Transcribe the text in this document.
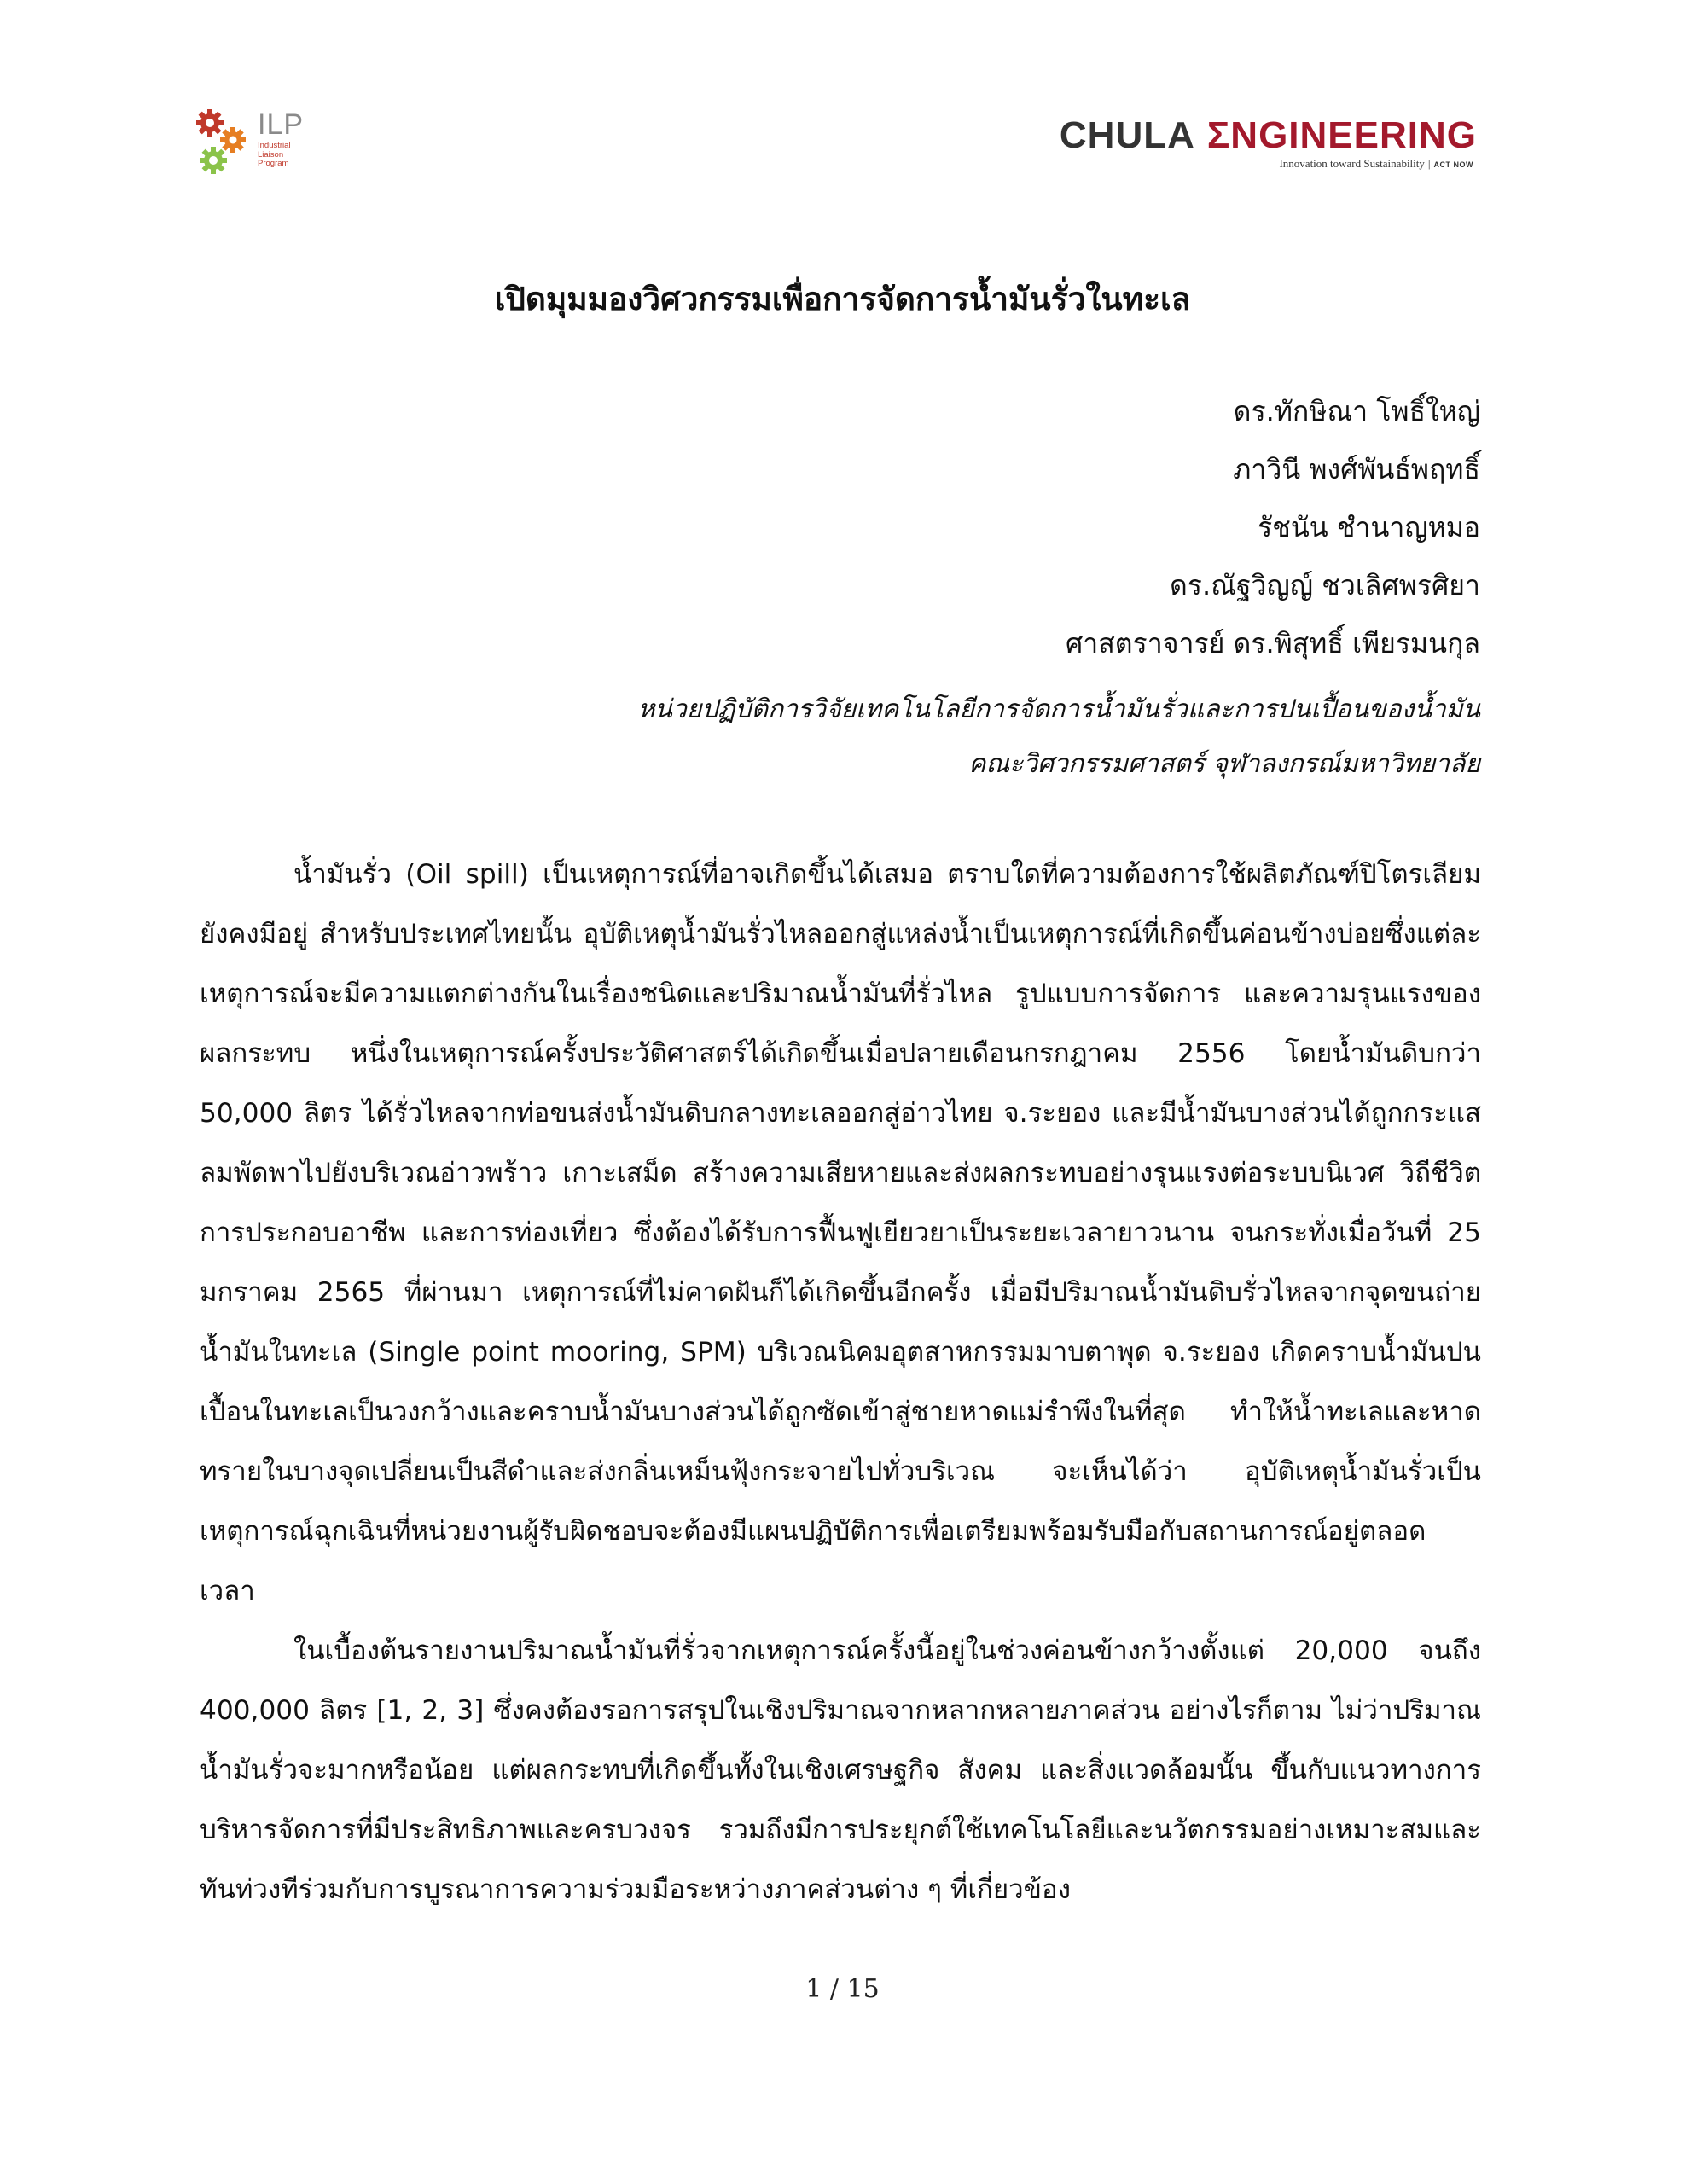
ILP
Industrial
Liaison
Program
CHULA ΣNGINEERING
Innovation toward Sustainability | ACT NOW
เปิดมุมมองวิศวกรรมเพื่อการจัดการน้ำมันรั่วในทะเล
ดร.ทักษิณา โพธิ์ใหญ่
ภาวินี พงศ์พันธ์พฤทธิ์
รัชนัน ชำนาญหมอ
ดร.ณัฐวิญญ์ ชวเลิศพรศิยา
ศาสตราจารย์ ดร.พิสุทธิ์ เพียรมนกุล
หน่วยปฏิบัติการวิจัยเทคโนโลยีการจัดการน้ำมันรั่วและการปนเปื้อนของน้ำมัน
คณะวิศวกรรมศาสตร์ จุฬาลงกรณ์มหาวิทยาลัย

น้ำมันรั่ว (Oil spill) เป็นเหตุการณ์ที่อาจเกิดขึ้นได้เสมอ ตราบใดที่ความต้องการใช้ผลิตภัณฑ์ปิโตรเลียมยังคงมีอยู่ สำหรับประเทศไทยนั้น อุบัติเหตุน้ำมันรั่วไหลออกสู่แหล่งน้ำเป็นเหตุการณ์ที่เกิดขึ้นค่อนข้างบ่อยซึ่งแต่ละเหตุการณ์จะมีความแตกต่างกันในเรื่องชนิดและปริมาณน้ำมันที่รั่วไหล รูปแบบการจัดการ และความรุนแรงของผลกระทบ หนึ่งในเหตุการณ์ครั้งประวัติศาสตร์ได้เกิดขึ้นเมื่อปลายเดือนกรกฎาคม 2556 โดยน้ำมันดิบกว่า 50,000 ลิตร ได้รั่วไหลจากท่อขนส่งน้ำมันดิบกลางทะเลออกสู่อ่าวไทย จ.ระยอง และมีน้ำมันบางส่วนได้ถูกกระแสลมพัดพาไปยังบริเวณอ่าวพร้าว เกาะเสม็ด สร้างความเสียหายและส่งผลกระทบอย่างรุนแรงต่อระบบนิเวศ วิถีชีวิต การประกอบอาชีพ และการท่องเที่ยว ซึ่งต้องได้รับการฟื้นฟูเยียวยาเป็นระยะเวลายาวนาน จนกระทั่งเมื่อวันที่ 25 มกราคม 2565 ที่ผ่านมา เหตุการณ์ที่ไม่คาดฝันก็ได้เกิดขึ้นอีกครั้ง เมื่อมีปริมาณน้ำมันดิบรั่วไหลจากจุดขนถ่ายน้ำมันในทะเล (Single point mooring, SPM) บริเวณนิคมอุตสาหกรรมมาบตาพุด จ.ระยอง เกิดคราบน้ำมันปนเปื้อนในทะเลเป็นวงกว้างและคราบน้ำมันบางส่วนได้ถูกซัดเข้าสู่ชายหาดแม่รำพึงในที่สุด ทำให้น้ำทะเลและหาดทรายในบางจุดเปลี่ยนเป็นสีดำและส่งกลิ่นเหม็นฟุ้งกระจายไปทั่วบริเวณ จะเห็นได้ว่า อุบัติเหตุน้ำมันรั่วเป็นเหตุการณ์ฉุกเฉินที่หน่วยงานผู้รับผิดชอบจะต้องมีแผนปฏิบัติการเพื่อเตรียมพร้อมรับมือกับสถานการณ์อยู่ตลอดเวลา

ในเบื้องต้นรายงานปริมาณน้ำมันที่รั่วจากเหตุการณ์ครั้งนี้อยู่ในช่วงค่อนข้างกว้างตั้งแต่ 20,000 จนถึง 400,000 ลิตร [1, 2, 3] ซึ่งคงต้องรอการสรุปในเชิงปริมาณจากหลากหลายภาคส่วน อย่างไรก็ตาม ไม่ว่าปริมาณน้ำมันรั่วจะมากหรือน้อย แต่ผลกระทบที่เกิดขึ้นทั้งในเชิงเศรษฐกิจ สังคม และสิ่งแวดล้อมนั้น ขึ้นกับแนวทางการบริหารจัดการที่มีประสิทธิภาพและครบวงจร รวมถึงมีการประยุกต์ใช้เทคโนโลยีและนวัตกรรมอย่างเหมาะสมและทันท่วงทีร่วมกับการบูรณาการความร่วมมือระหว่างภาคส่วนต่าง ๆ ที่เกี่ยวข้อง

1 / 15
